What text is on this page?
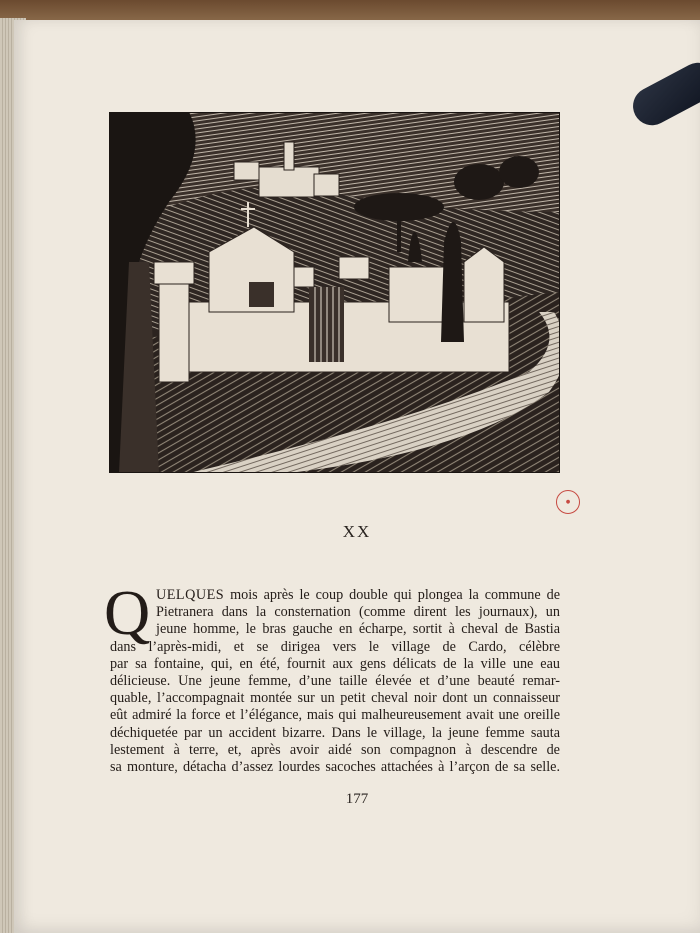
●
XX
Q UELQUES mois après le coup double qui plongea la commune de
Pietranera dans la consternation (comme dirent les journaux), un
jeune homme, le bras gauche en écharpe, sortit à cheval de Bastia
dans l’après-midi, et se dirigea vers le village de Cardo, célèbre
par sa fontaine, qui, en été, fournit aux gens délicats de la ville une eau
délicieuse. Une jeune femme, d’une taille élevée et d’une beauté remar-
quable, l’accompagnait montée sur un petit cheval noir dont un connaisseur
eût admiré la force et l’élégance, mais qui malheureusement avait une oreille
déchiquetée par un accident bizarre. Dans le village, la jeune femme sauta
lestement à terre, et, après avoir aidé son compagnon à descendre de
sa monture, détacha d’assez lourdes sacoches attachées à l’arçon de sa selle.
177
